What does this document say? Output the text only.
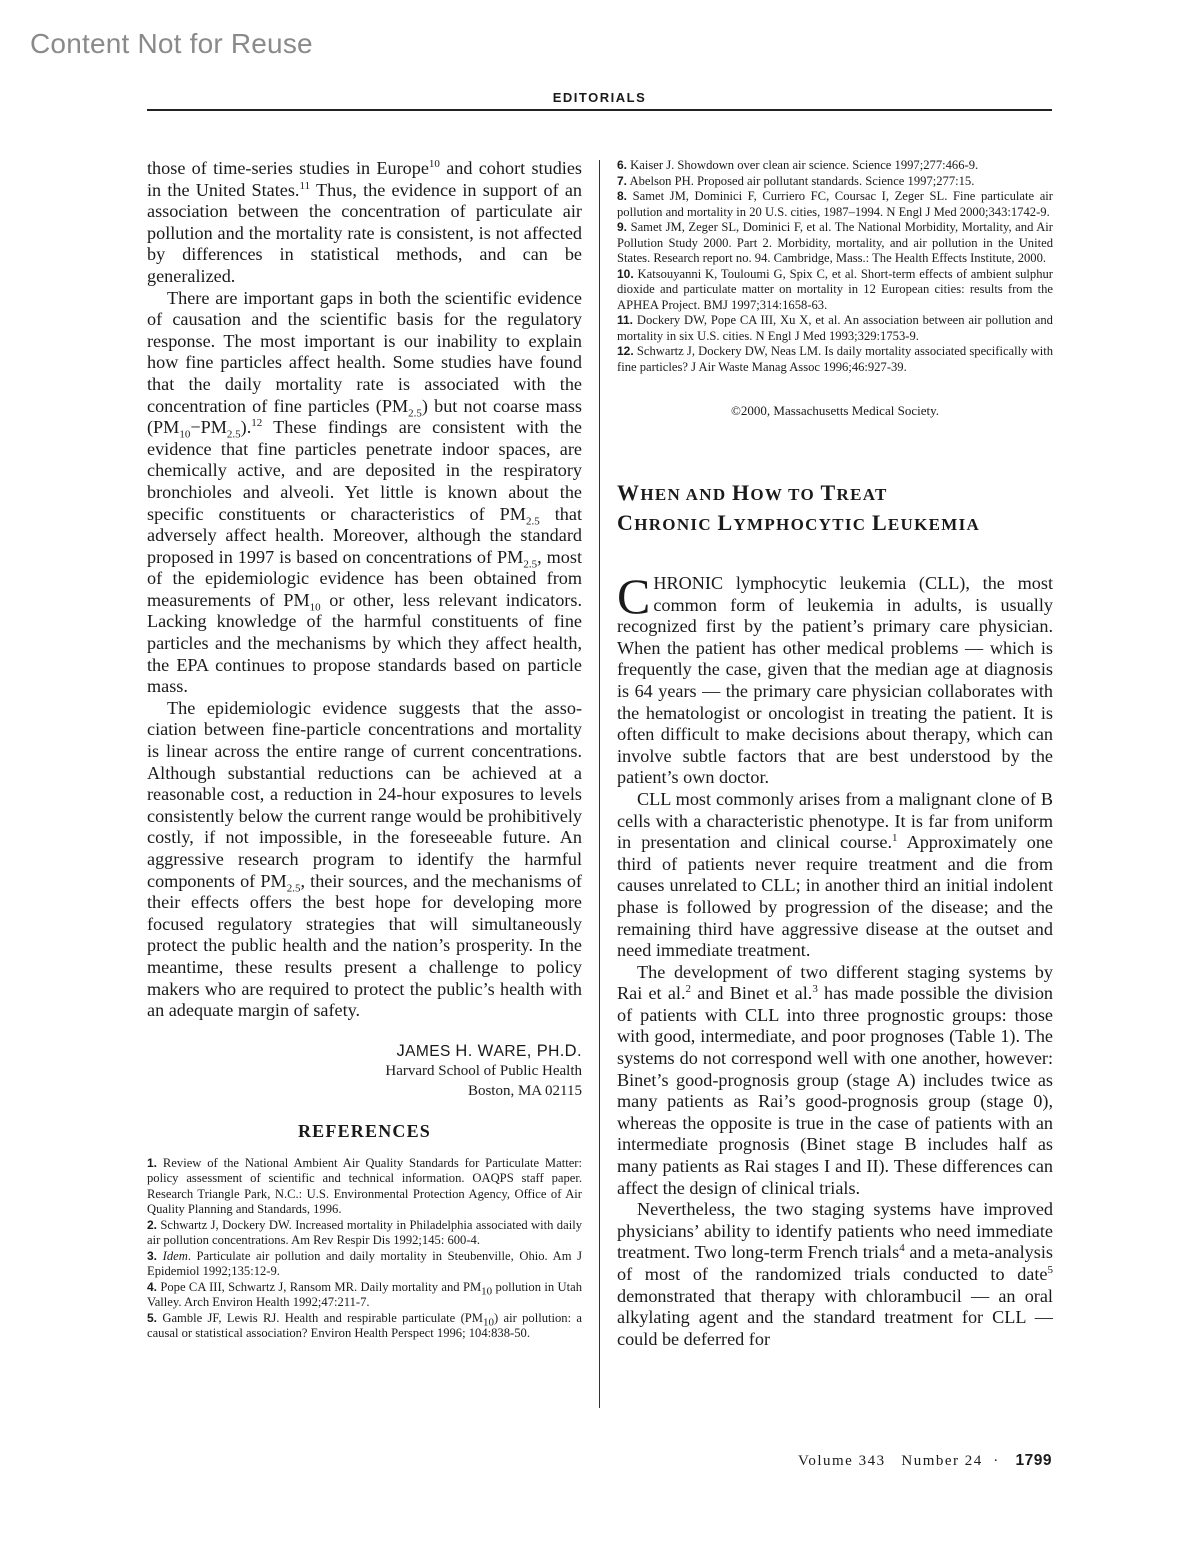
Content Not for Reuse
EDITORIALS

those of time-series studies in Europe$^{10}$ and cohort studies in the United States.$^{11}$ Thus, the evidence in support of an association between the concentration of particulate air pollution and the mortality rate is consistent, is not affected by differences in statistical methods, and can be generalized.

There are important gaps in both the scientific evidence of causation and the scientific basis for the regulatory response. The most important is our inability to explain how fine particles affect health. Some studies have found that the daily mortality rate is associated with the concentration of fine particles $(PM_{2.5})$ but not coarse mass $(PM_{10}-PM_{2.5}).^{12}$ These findings are consistent with the evidence that fine particles penetrate indoor spaces, are chemically active, and are deposited in the respiratory bronchioles and alveoli. Yet little is known about the specific constituents or characteristics of $PM_{2.5}$ that adversely affect health. Moreover, although the standard proposed in 1997 is based on concentrations of $PM_{2.5}$, most of the epidemiologic evidence has been obtained from measurements of $PM_{10}$ or other, less relevant indicators. Lacking knowledge of the harmful constituents of fine particles and the mechanisms by which they affect health, the EPA continues to propose standards based on particle mass.

The epidemiologic evidence suggests that the association between fine-particle concentrations and mortality is linear across the entire range of current concentrations. Although substantial reductions can be achieved at a reasonable cost, a reduction in 24-hour exposures to levels consistently below the current range would be prohibitively costly, if not impossible, in the foreseeable future. An aggressive research program to identify the harmful components of $PM_{2.5}$, their sources, and the mechanisms of their effects offers the best hope for developing more focused regulatory strategies that will simultaneously protect the public health and the nation’s prosperity. In the meantime, these results present a challenge to policy makers who are required to protect the public’s health with an adequate margin of safety.

JAMES H. WARE, PH.D.
Harvard School of Public Health
Boston, MA 02115
REFERENCES
1. Review of the National Ambient Air Quality Standards for Particulate Matter: policy assessment of scientific and technical information. OAQPS staff paper. Research Triangle Park, N.C.: U.S. Environmental Protection Agency, Office of Air Quality Planning and Standards, 1996.
2. Schwartz J, Dockery DW. Increased mortality in Philadelphia associated with daily air pollution concentrations. Am Rev Respir Dis 1992;145: 600-4.
3. Idem. Particulate air pollution and daily mortality in Steubenville, Ohio. Am J Epidemiol 1992;135:12-9.
4. Pope CA III, Schwartz J, Ransom MR. Daily mortality and $PM_{10}$ pollution in Utah Valley. Arch Environ Health 1992;47:211-7.
5. Gamble JF, Lewis RJ. Health and respirable particulate $(PM_{10})$ air pollution: a causal or statistical association? Environ Health Perspect 1996; 104:838-50.
6. Kaiser J. Showdown over clean air science. Science 1997;277:466-9.
7. Abelson PH. Proposed air pollutant standards. Science 1997;277:15.
8. Samet JM, Dominici F, Curriero FC, Coursac I, Zeger SL. Fine particulate air pollution and mortality in 20 U.S. cities, 1987–1994. N Engl J Med 2000;343:1742-9.
9. Samet JM, Zeger SL, Dominici F, et al. The National Morbidity, Mortality, and Air Pollution Study 2000. Part 2. Morbidity, mortality, and air pollution in the United States. Research report no. 94. Cambridge, Mass.: The Health Effects Institute, 2000.
10. Katsouyanni K, Touloumi G, Spix C, et al. Short-term effects of ambient sulphur dioxide and particulate matter on mortality in 12 European cities: results from the APHEA Project. BMJ 1997;314:1658-63.
11. Dockery DW, Pope CA III, Xu X, et al. An association between air pollution and mortality in six U.S. cities. N Engl J Med 1993;329:1753-9.
12. Schwartz J, Dockery DW, Neas LM. Is daily mortality associated specifically with fine particles? J Air Waste Manag Assoc 1996;46:927-39.
©2000, Massachusetts Medical Society.
WHEN AND HOW TO TREAT
CHRONIC LYMPHOCYTIC LEUKEMIA

CHRONIC lymphocytic leukemia (CLL), the most common form of leukemia in adults, is usually recognized first by the patient’s primary care physician. When the patient has other medical problems — which is frequently the case, given that the median age at diagnosis is 64 years — the primary care physician collaborates with the hematologist or oncologist in treating the patient. It is often difficult to make decisions about therapy, which can involve subtle factors that are best understood by the patient’s own doctor.

CLL most commonly arises from a malignant clone of B cells with a characteristic phenotype. It is far from uniform in presentation and clinical course.$^1$ Approximately one third of patients never require treatment and die from causes unrelated to CLL; in another third an initial indolent phase is followed by progression of the disease; and the remaining third have aggressive disease at the outset and need immediate treatment.

The development of two different staging systems by Rai et al.$^2$ and Binet et al.$^3$ has made possible the division of patients with CLL into three prognostic groups: those with good, intermediate, and poor prognoses (Table 1). The systems do not correspond well with one another, however: Binet’s good-prognosis group (stage A) includes twice as many patients as Rai’s good-prognosis group (stage 0), whereas the opposite is true in the case of patients with an intermediate prognosis (Binet stage B includes half as many patients as Rai stages I and II). These differences can affect the design of clinical trials.

Nevertheless, the two staging systems have improved physicians’ ability to identify patients who need immediate treatment. Two long-term French trials$^4$ and a meta-analysis of most of the randomized trials conducted to date$^5$ demonstrated that therapy with chlorambucil — an oral alkylating agent and the standard treatment for CLL — could be deferred for

Volume 343 Number 24 · 1799
